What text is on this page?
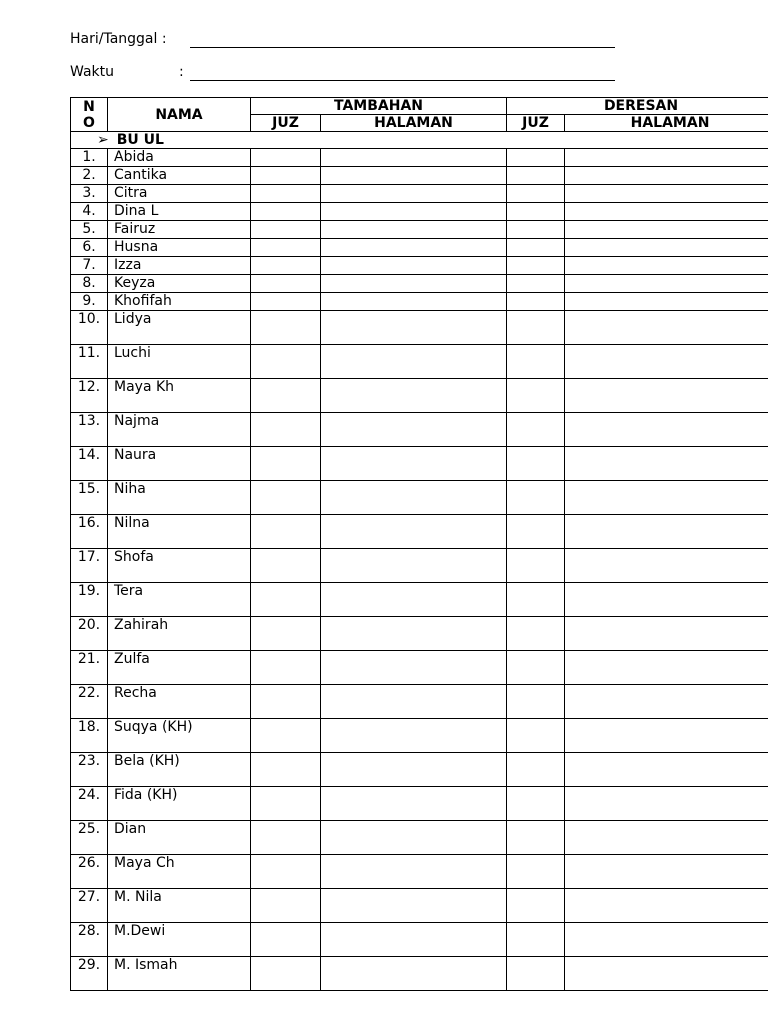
Hari/Tanggal :
Waktu	:
NO	NAMA	TAMBAHAN		DERESAN	
		JUZ	HALAMAN	JUZ	HALAMAN
➢ BU UL					
1.	Abida				
2.	Cantika				
3.	Citra				
4.	Dina L				
5.	Fairuz				
6.	Husna				
7.	Izza				
8.	Keyza				
9.	Khofifah				
10.	Lidya				
11.	Luchi				
12.	Maya Kh				
13.	Najma				
14.	Naura				
15.	Niha				
16.	Nilna				
17.	Shofa				
19.	Tera				
20.	Zahirah				
21.	Zulfa				
22.	Recha				
18.	Suqya (KH)				
23.	Bela (KH)				
24.	Fida (KH)				
25.	Dian				
26.	Maya Ch				
27.	M. Nila				
28.	M.Dewi				
29.	M. Ismah				
